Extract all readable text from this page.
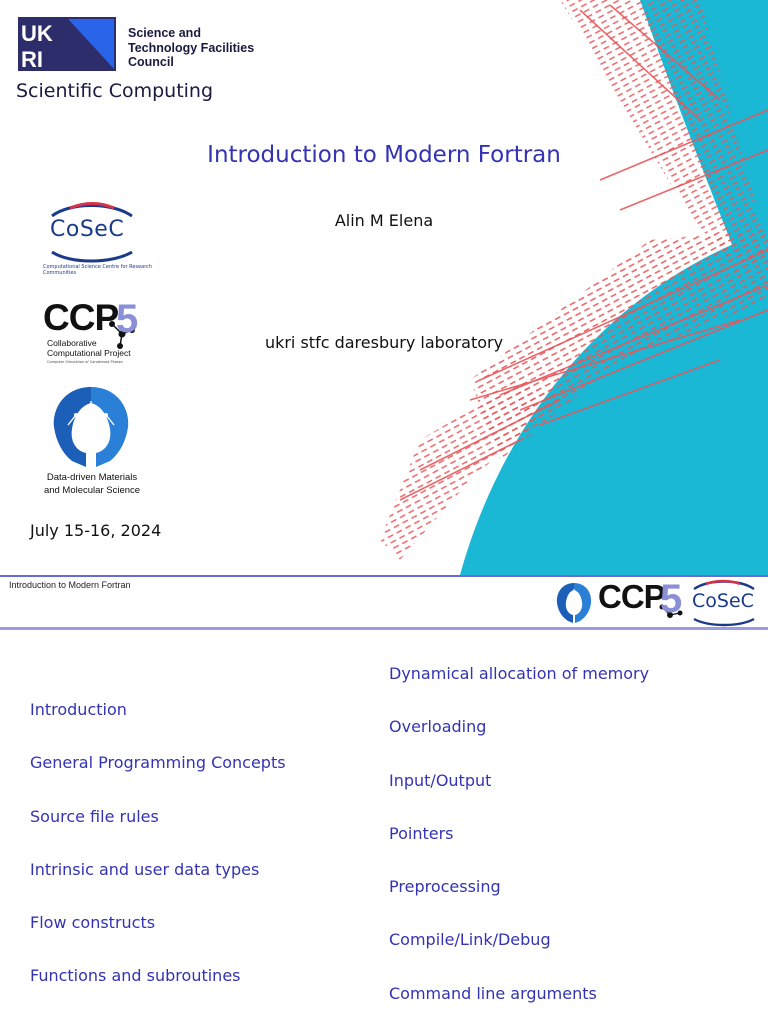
UK
RI
Science and Technology Facilities Council
Scientific Computing
Introduction to Modern Fortran
Alin M Elena
ukri stfc daresbury laboratory
July 15-16, 2024
CoSeC
Computational Science Centre for Research Communities
CCP
5
Collaborative Computational Project
Computer Simulation of Condensed Phases
Data-driven Materials and Molecular Science
Introduction to Modern Fortran	CCP
5 CoSeC
Introduction
General Programming Concepts
Source file rules
Intrinsic and user data types
Flow constructs
Functions and subroutines
Dynamical allocation of memory
Overloading
Input/Output
Pointers
Preprocessing
Compile/Link/Debug
Command line arguments
